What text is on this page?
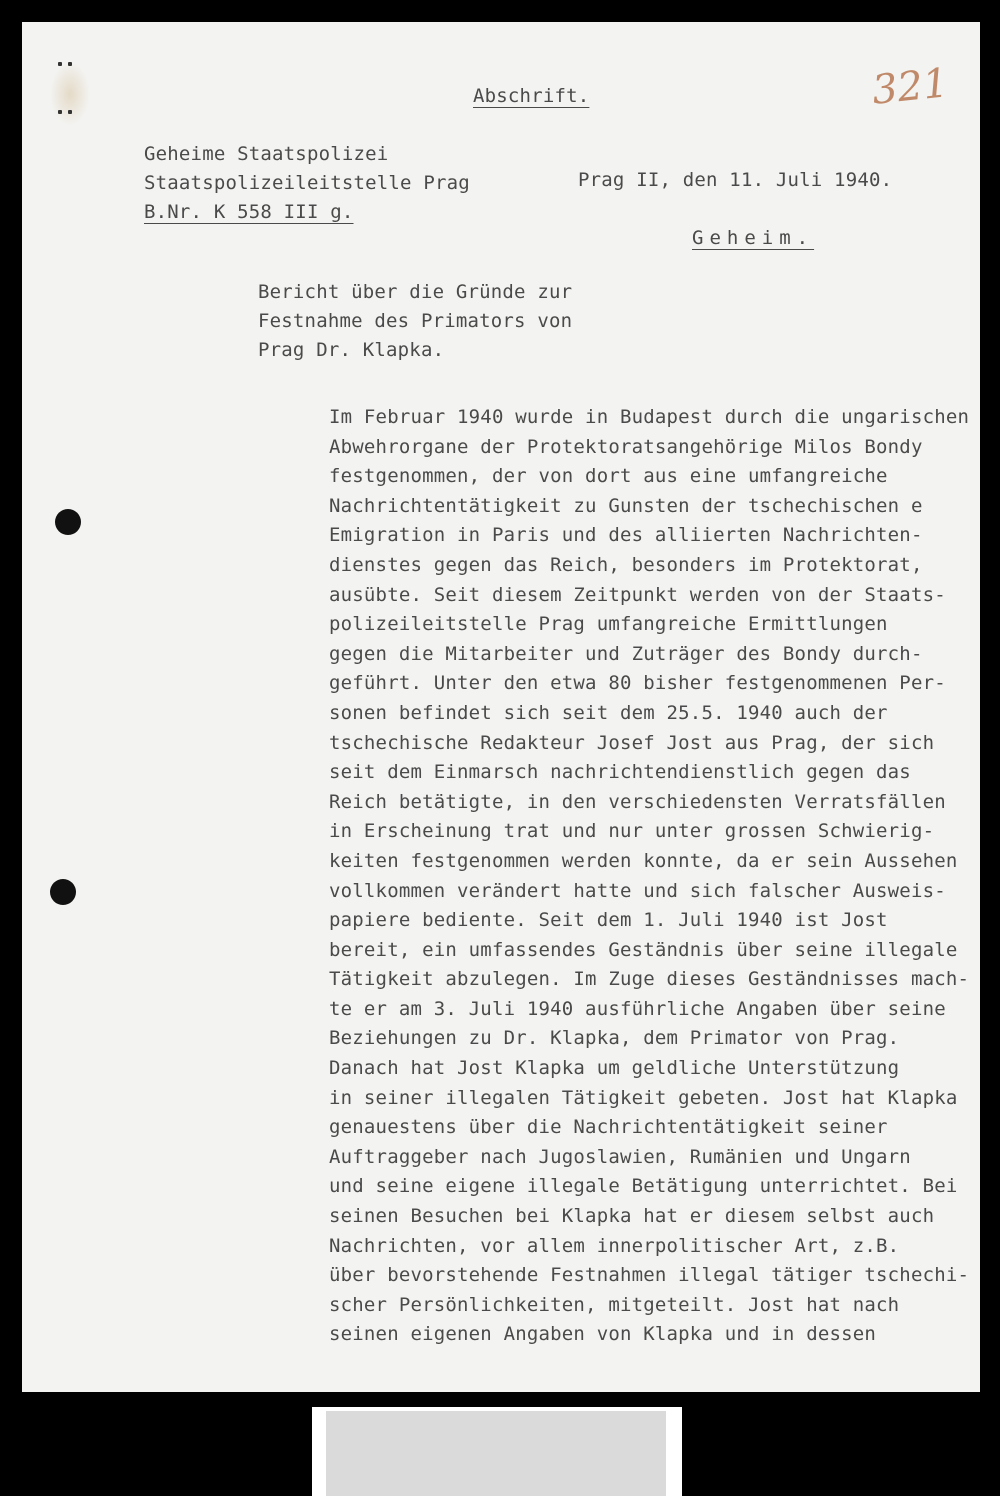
Abschrift.	321
Geheime Staatspolizei
Staatspolizeileitstelle Prag
B.Nr. K 558 III g.
Prag II, den 11. Juli 1940.
Geheim.
Bericht über die Gründe zur
Festnahme des Primators von
Prag Dr. Klapka.
Im Februar 1940 wurde in Budapest durch die ungarischen
Abwehrorgane der Protektoratsangehörige Milos Bondy
festgenommen, der von dort aus eine umfangreiche
Nachrichtentätigkeit zu Gunsten der tschechischen e
Emigration in Paris und des alliierten Nachrichten-
dienstes gegen das Reich, besonders im Protektorat,
ausübte. Seit diesem Zeitpunkt werden von der Staats-
polizeileitstelle Prag umfangreiche Ermittlungen
gegen die Mitarbeiter und Zuträger des Bondy durch-
geführt. Unter den etwa 80 bisher festgenommenen Per-
sonen befindet sich seit dem 25.5. 1940 auch der
tschechische Redakteur Josef Jost aus Prag, der sich
seit dem Einmarsch nachrichtendienstlich gegen das
Reich betätigte, in den verschiedensten Verratsfällen
in Erscheinung trat und nur unter grossen Schwierig-
keiten festgenommen werden konnte, da er sein Aussehen
vollkommen verändert hatte und sich falscher Ausweis-
papiere bediente. Seit dem 1. Juli 1940 ist Jost
bereit, ein umfassendes Geständnis über seine illegale
Tätigkeit abzulegen. Im Zuge dieses Geständnisses mach-
te er am 3. Juli 1940 ausführliche Angaben über seine
Beziehungen zu Dr. Klapka, dem Primator von Prag.
Danach hat Jost Klapka um geldliche Unterstützung
in seiner illegalen Tätigkeit gebeten. Jost hat Klapka
genauestens über die Nachrichtentätigkeit seiner
Auftraggeber nach Jugoslawien, Rumänien und Ungarn
und seine eigene illegale Betätigung unterrichtet. Bei
seinen Besuchen bei Klapka hat er diesem selbst auch
Nachrichten, vor allem innerpolitischer Art, z.B.
über bevorstehende Festnahmen illegal tätiger tschechi-
scher Persönlichkeiten, mitgeteilt. Jost hat nach
seinen eigenen Angaben von Klapka und in dessen
